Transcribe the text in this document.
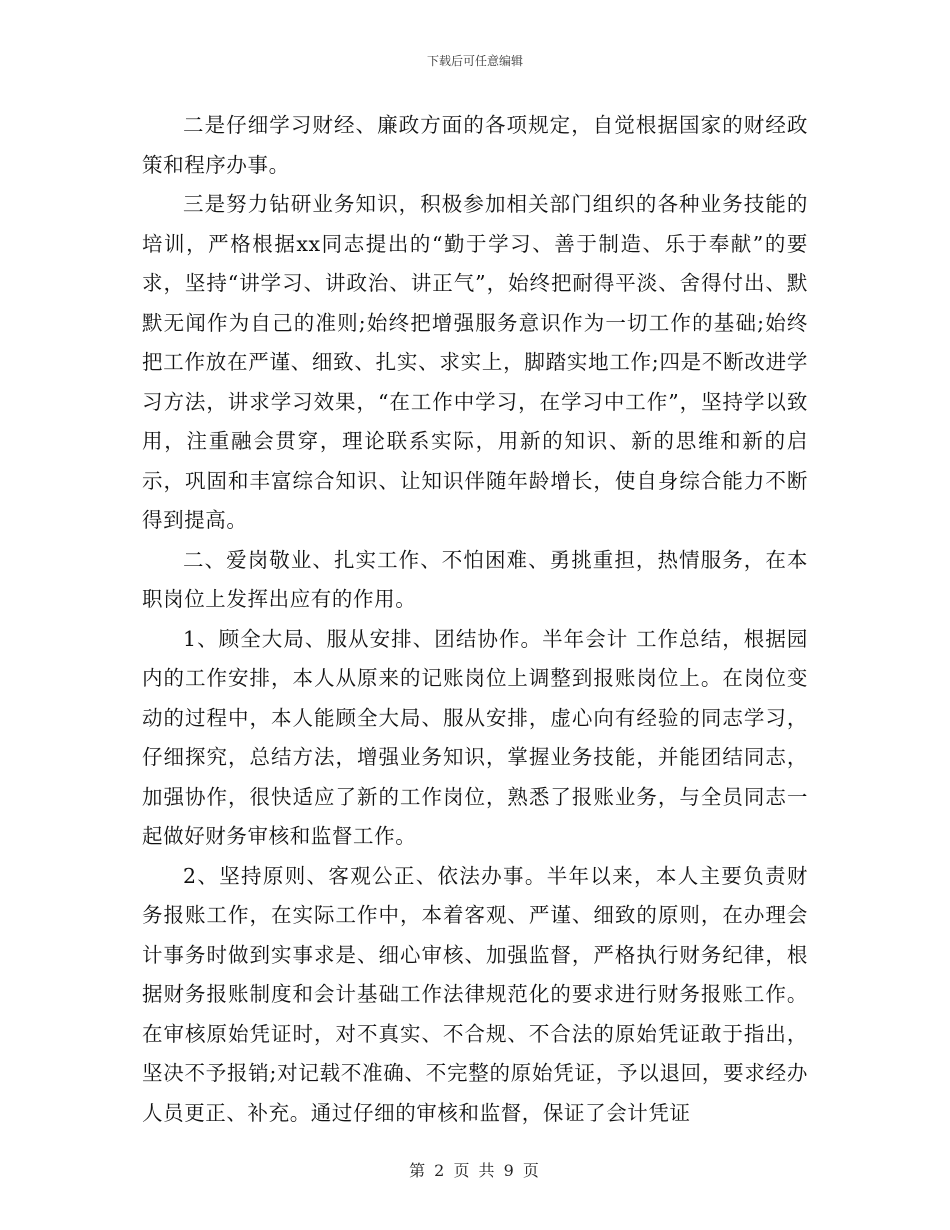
下载后可任意编辑

二是仔细学习财经、廉政方面的各项规定，自觉根据国家的财经政策和程序办事。

三是努力钻研业务知识，积极参加相关部门组织的各种业务技能的培训，严格根据xx同志提出的“勤于学习、善于制造、乐于奉献”的要求，坚持“讲学习、讲政治、讲正气”，始终把耐得平淡、舍得付出、默默无闻作为自己的准则;始终把增强服务意识作为一切工作的基础;始终把工作放在严谨、细致、扎实、求实上，脚踏实地工作;四是不断改进学习方法，讲求学习效果，“在工作中学习，在学习中工作”，坚持学以致用，注重融会贯穿，理论联系实际，用新的知识、新的思维和新的启示，巩固和丰富综合知识、让知识伴随年龄增长，使自身综合能力不断得到提高。

二、爱岗敬业、扎实工作、不怕困难、勇挑重担，热情服务，在本职岗位上发挥出应有的作用。

1、顾全大局、服从安排、团结协作。半年会计 工作总结，根据园内的工作安排，本人从原来的记账岗位上调整到报账岗位上。在岗位变动的过程中，本人能顾全大局、服从安排，虚心向有经验的同志学习，仔细探究，总结方法，增强业务知识，掌握业务技能，并能团结同志，加强协作，很快适应了新的工作岗位，熟悉了报账业务，与全员同志一起做好财务审核和监督工作。

2、坚持原则、客观公正、依法办事。半年以来，本人主要负责财务报账工作，在实际工作中，本着客观、严谨、细致的原则，在办理会计事务时做到实事求是、细心审核、加强监督，严格执行财务纪律，根据财务报账制度和会计基础工作法律规范化的要求进行财务报账工作。在审核原始凭证时，对不真实、不合规、不合法的原始凭证敢于指出，坚决不予报销;对记载不准确、不完整的原始凭证，予以退回，要求经办人员更正、补充。通过仔细的审核和监督，保证了会计凭证

第 2 页 共 9 页
